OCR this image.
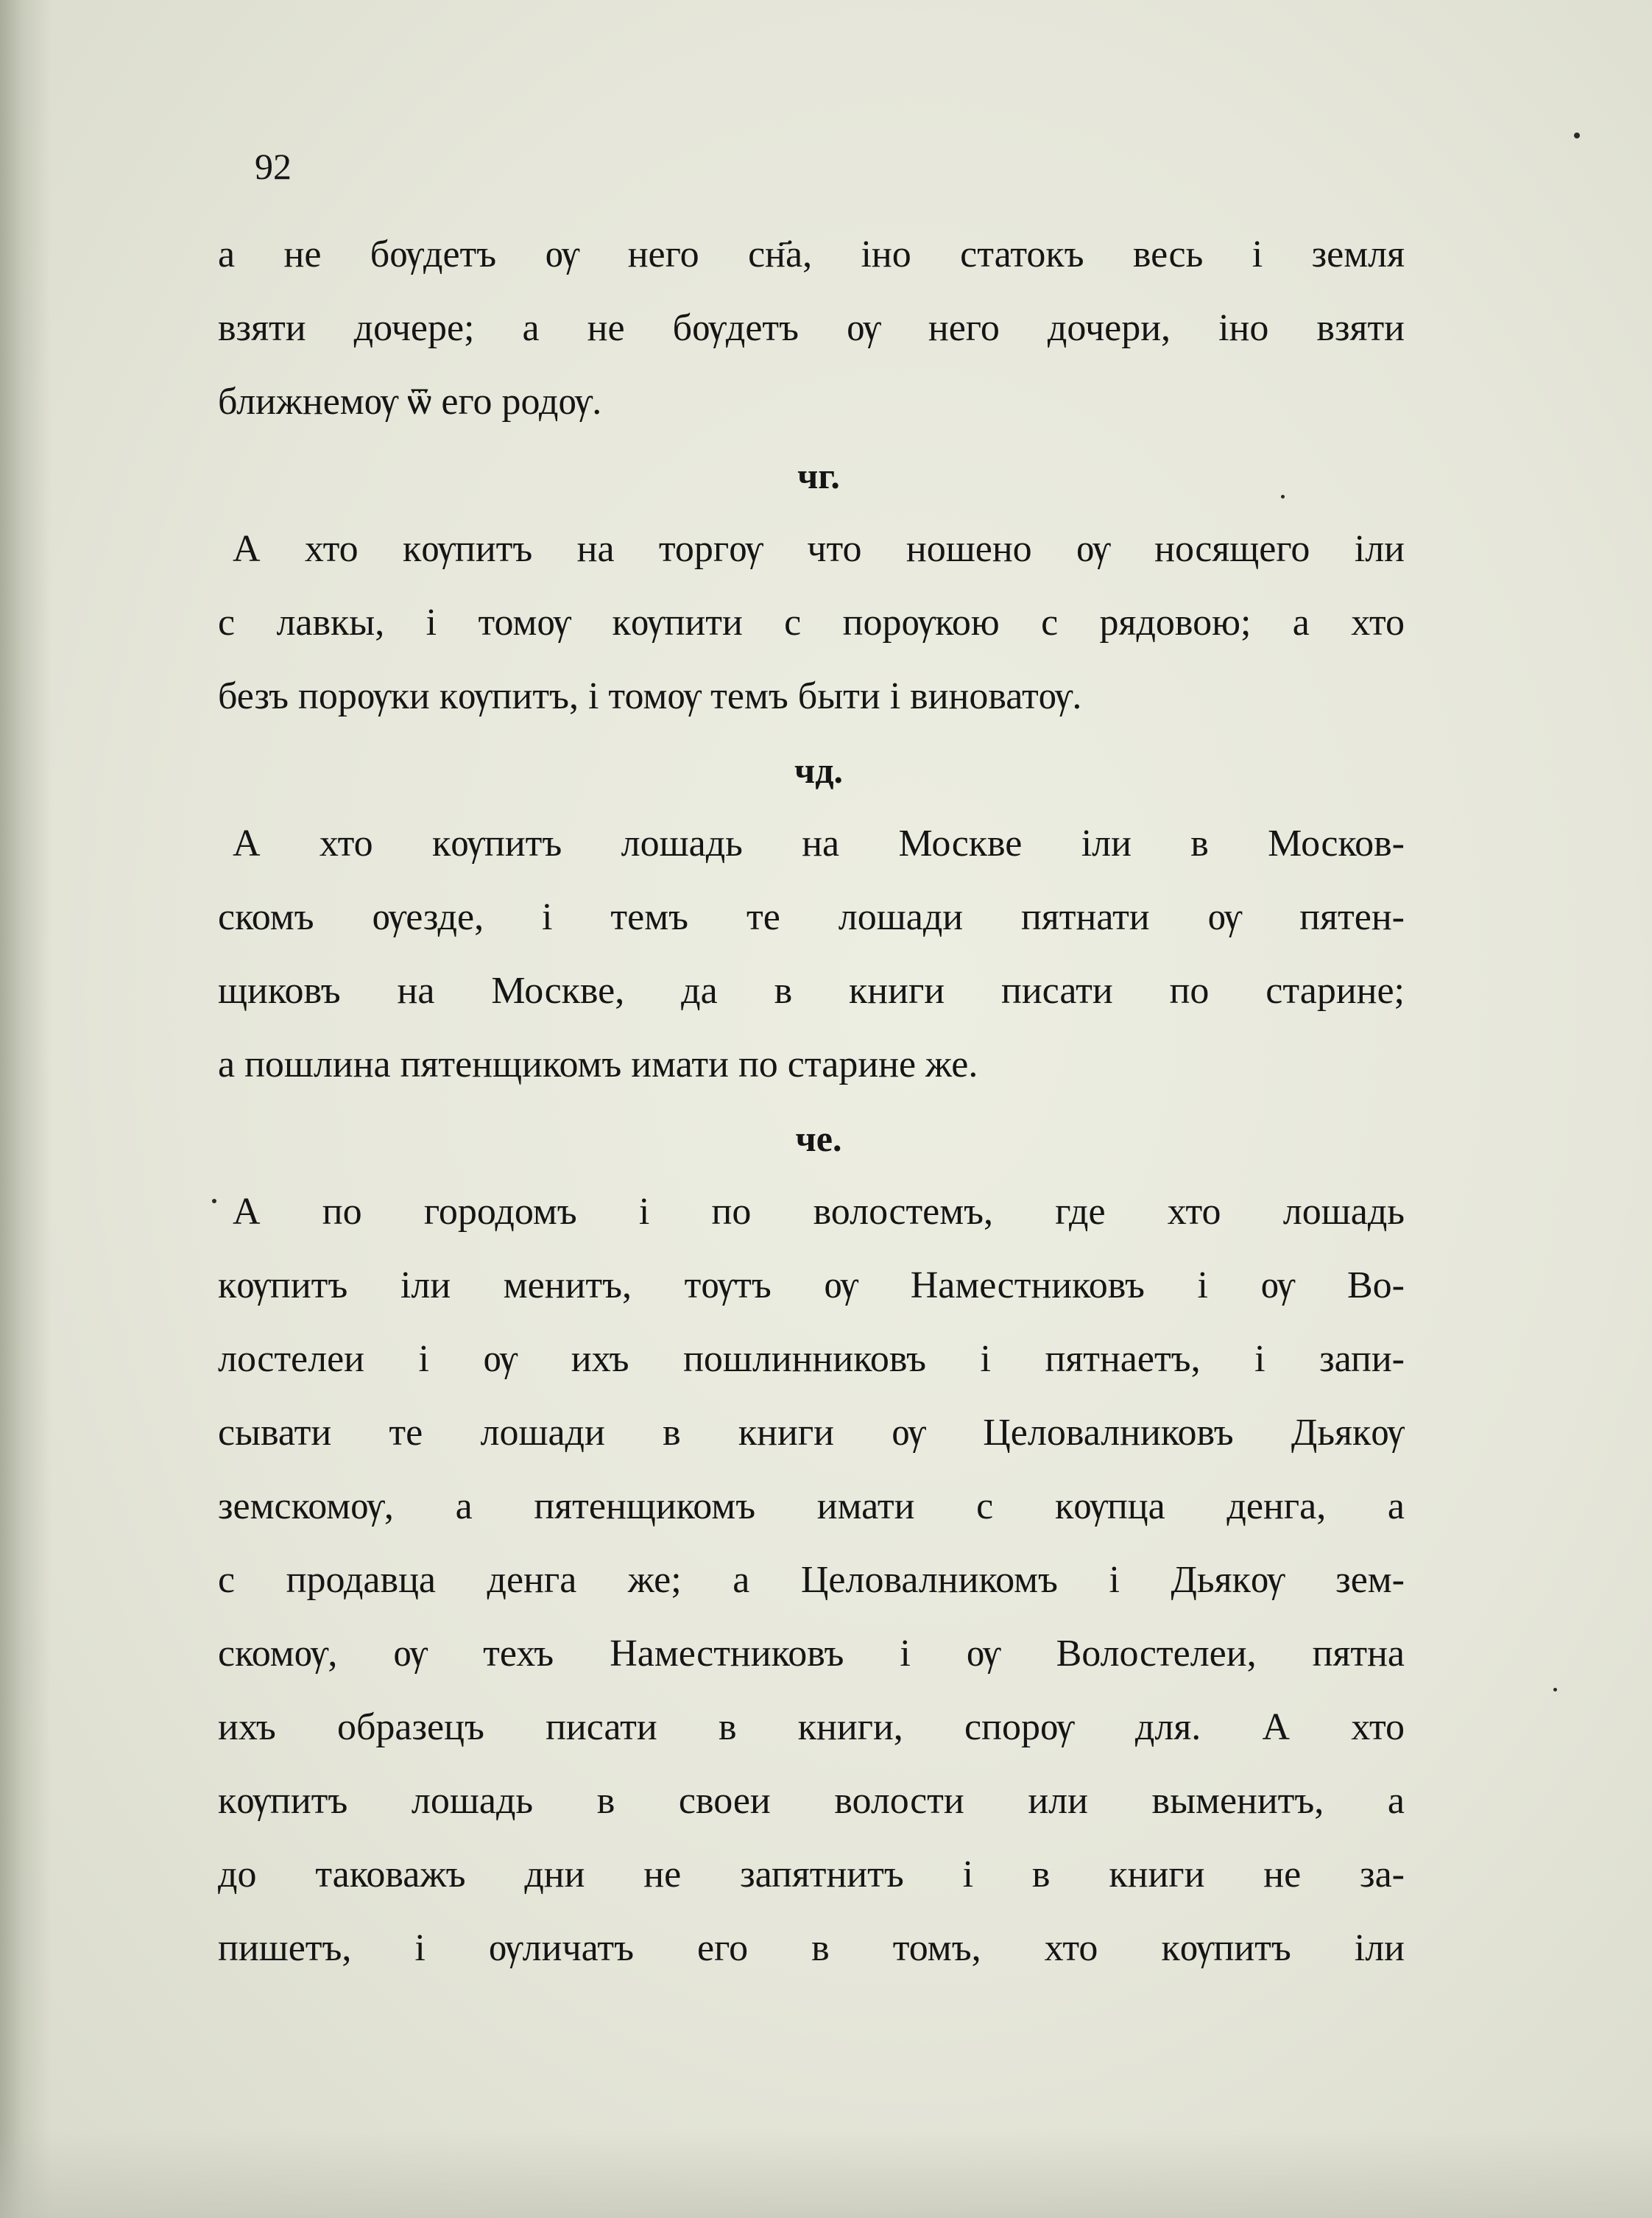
92
а не бѹдетъ ѹ него сн҃а, іно статокъ весь і земля
взяти дочере; а не бѹдетъ ѹ него дочери, іно взяти
ближнемѹ ѿ его родѹ.
чг.
А хто кѹпитъ на торгѹ что ношено ѹ носящего іли
с лавкы, і томѹ кѹпити с порѹкою с рядовою; а хто
безъ порѹки кѹпитъ, і томѹ темъ быти і виноватѹ.
чд.
А хто кѹпитъ лошадь на Москве іли в Москов-
скомъ ѹезде, і темъ те лошади пятнати ѹ пятен-
щиковъ на Москве, да в книги писати по старине;
а пошлина пятенщикомъ имати по старине же.
че.
А по городомъ і по волостемъ, где хто лошадь
кѹпитъ іли менитъ, тѹтъ ѹ Наместниковъ і ѹ Во-
лостелеи і ѹ ихъ пошлинниковъ і пятнаетъ, і запи-
сывати те лошади в книги ѹ Целовалниковъ Дьякѹ
земскомѹ, а пятенщикомъ имати с кѹпца денга, а
с продавца денга же; а Целовалникомъ і Дьякѹ зем-
скомѹ, ѹ техъ Наместниковъ і ѹ Волостелеи, пятна
ихъ образецъ писати в книги, спорѹ для. А хто
кѹпитъ лошадь в своеи волости или выменитъ, а
до таковажъ дни не запятнитъ і в книги не за-
пишетъ, і ѹличатъ его в томъ, хто кѹпитъ іли
